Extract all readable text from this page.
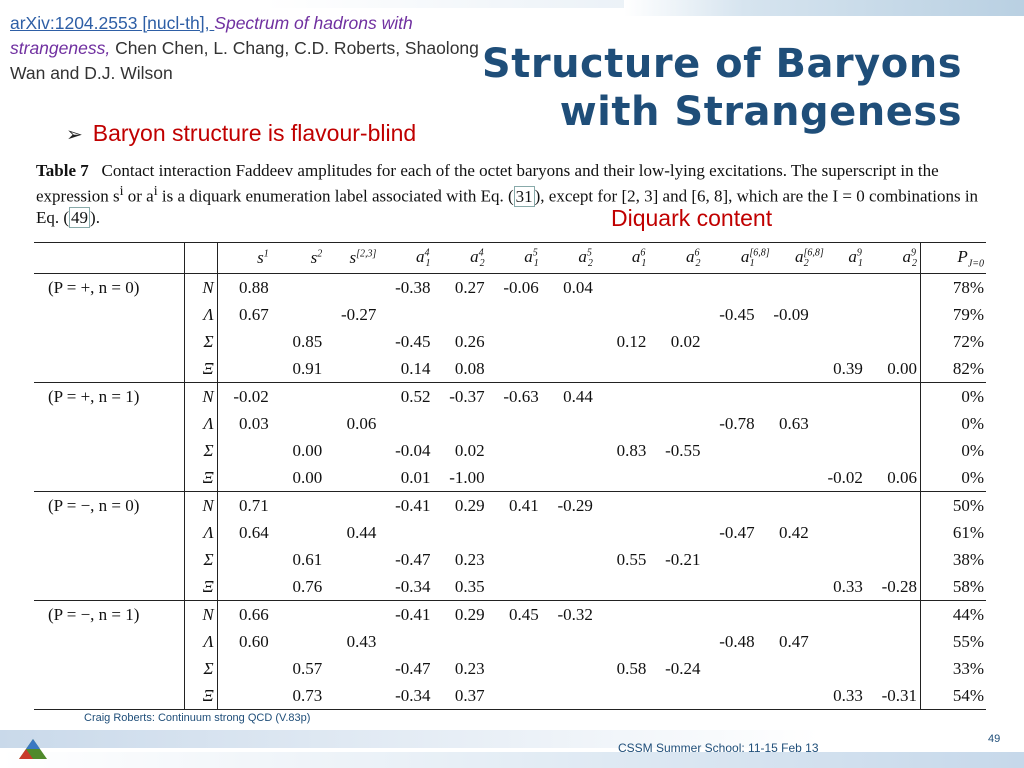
arXiv:1204.2553 [nucl-th], Spectrum of hadrons with strangeness, Chen Chen, L. Chang, C.D. Roberts, Shaolong Wan and D.J. Wilson	Structure of Baryons
with Strangeness
➢ Baryon structure is flavour-blind
Table 7 Contact interaction Faddeev amplitudes for each of the octet baryons and their low-lying excitations. The superscript in the expression $s^i$ or $a^i$ is a diquark enumeration label associated with Eq. ( 31 ), except for [2, 3] and [6, 8], which are the I = 0 combinations in Eq. ( 49 ).	Diquark content
		$s^1$	$s^2$	s[2,3]	$a^4_1$	$a^4_2$	$a^5_1$	$a^5_2$	$a^6_1$	$a^6_2$	$a[6,8]_1$	$a[6,8]_2$	$a^9_1$	$a^9_2$	$P_{J=0}$
(P = +, n = 0)	N	0.88			-0.38	0.27	-0.06	0.04							78%
	Λ	0.67		-0.27							-0.45	-0.09			79%
	Σ		0.85		-0.45	0.26			0.12	0.02					72%
	Ξ		0.91		0.14	0.08							0.39	0.00	82%
(P = +, n = 1)	N	-0.02			0.52	-0.37	-0.63	0.44							0%
	Λ	0.03		0.06							-0.78	0.63			0%
	Σ		0.00		-0.04	0.02			0.83	-0.55					0%
	Ξ		0.00		0.01	-1.00							-0.02	0.06	0%
(P = −, n = 0)	N	0.71			-0.41	0.29	0.41	-0.29							50%
	Λ	0.64		0.44							-0.47	0.42			61%
	Σ		0.61		-0.47	0.23			0.55	-0.21					38%
	Ξ		0.76		-0.34	0.35							0.33	-0.28	58%
(P = −, n = 1)	N	0.66			-0.41	0.29	0.45	-0.32							44%
	Λ	0.60		0.43							-0.48	0.47			55%
	Σ		0.57		-0.47	0.23			0.58	-0.24					33%
	Ξ		0.73		-0.34	0.37							0.33	-0.31	54%
Craig Roberts: Continuum strong QCD (V.83p)
CSSM Summer School: 11-15 Feb 13
49
